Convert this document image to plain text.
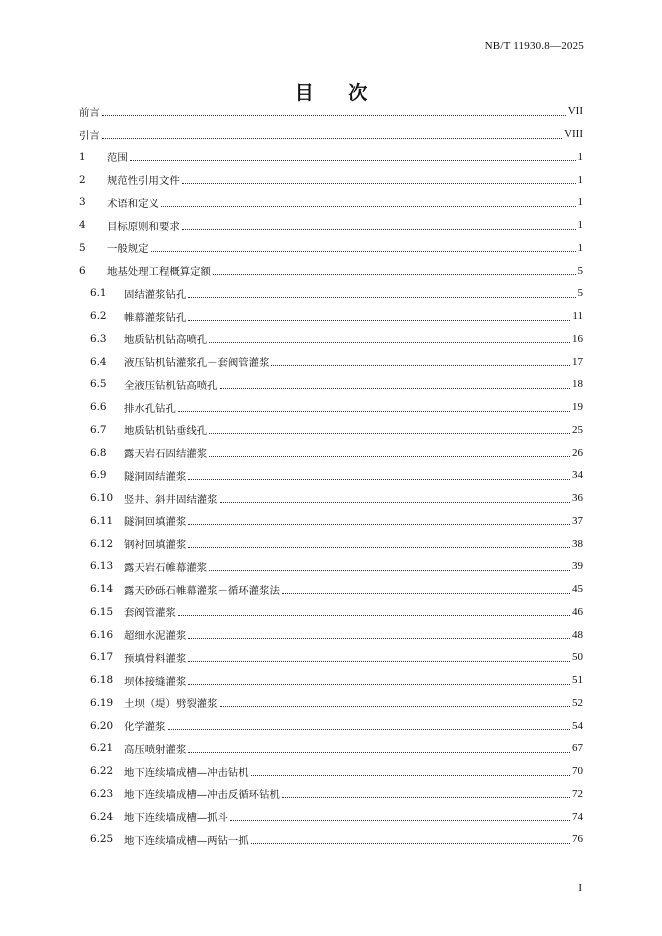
NB/T 11930.8—2025
目 次
前言	VII
引言	VIII
1	范围	1
2	规范性引用文件	1
3	术语和定义	1
4	目标原则和要求	1
5	一般规定	1
6	地基处理工程概算定额	5
6.1	固结灌浆钻孔	5
6.2	帷幕灌浆钻孔	11
6.3	地质钻机钻高喷孔	16
6.4	液压钻机钻灌浆孔－套阀管灌浆	17
6.5	全液压钻机钻高喷孔	18
6.6	排水孔钻孔	19
6.7	地质钻机钻垂线孔	25
6.8	露天岩石固结灌浆	26
6.9	隧洞固结灌浆	34
6.10	竖井、斜井固结灌浆	36
6.11	隧洞回填灌浆	37
6.12	钢衬回填灌浆	38
6.13	露天岩石帷幕灌浆	39
6.14	露天砂砾石帷幕灌浆－循环灌浆法	45
6.15	套阀管灌浆	46
6.16	超细水泥灌浆	48
6.17	预填骨料灌浆	50
6.18	坝体接缝灌浆	51
6.19	土坝（堤）劈裂灌浆	52
6.20	化学灌浆	54
6.21	高压喷射灌浆	67
6.22	地下连续墙成槽—冲击钻机	70
6.23	地下连续墙成槽—冲击反循环钻机	72
6.24	地下连续墙成槽—抓斗	74
6.25	地下连续墙成槽—两钻一抓	76
I
